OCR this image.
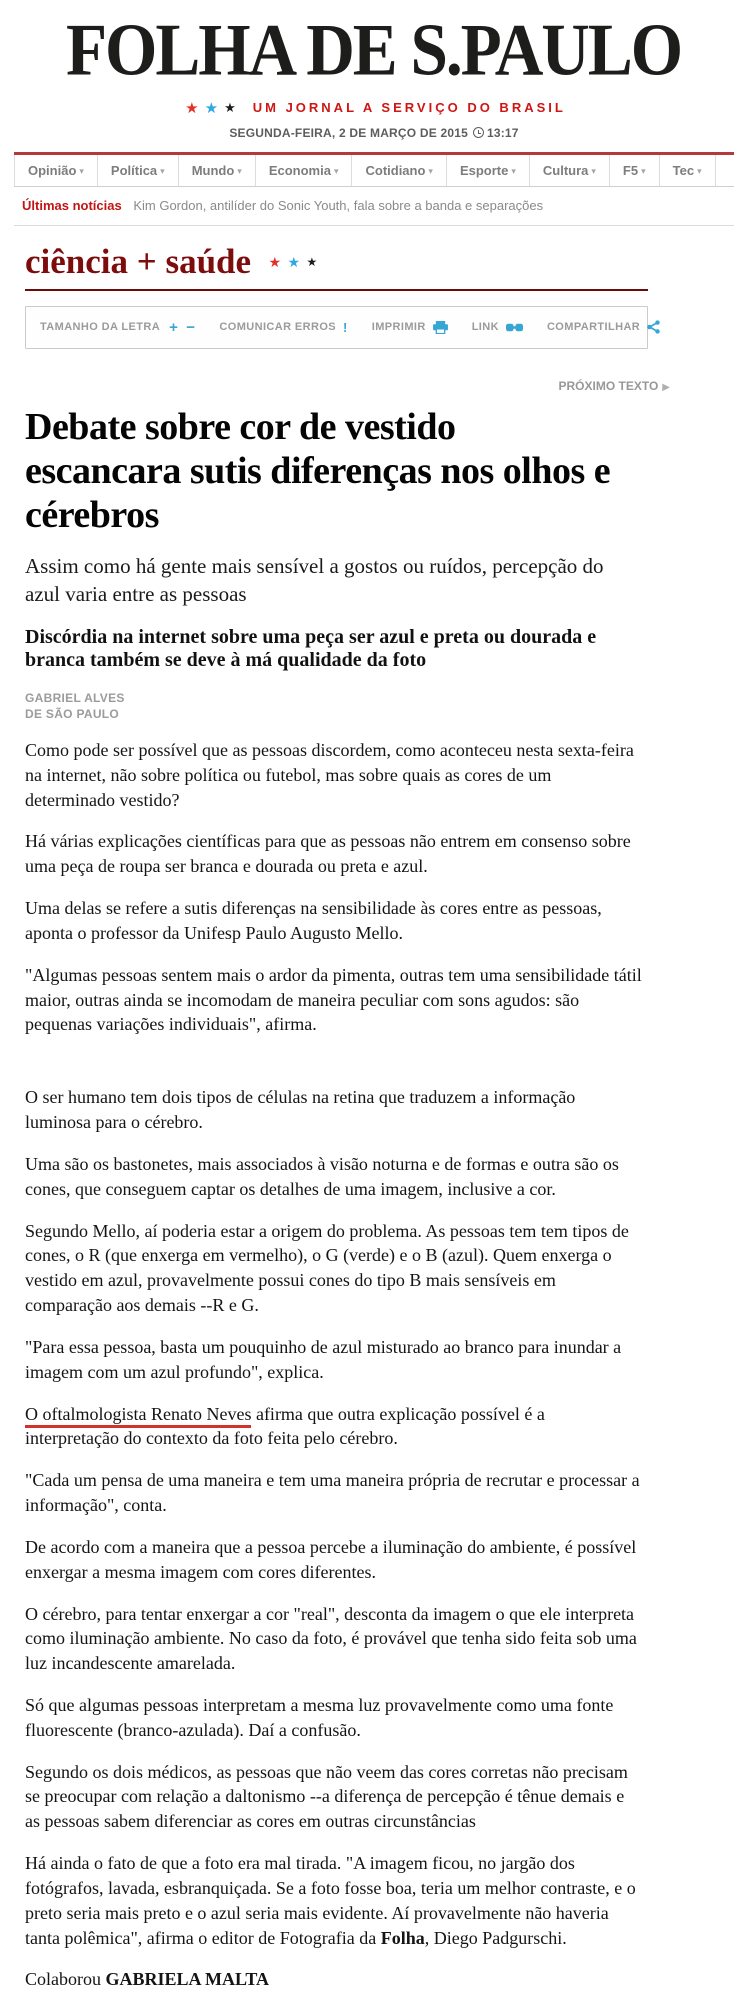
FOLHA DE S.PAULO
★ ★ ★ UM JORNAL A SERVIÇO DO BRASIL
SEGUNDA-FEIRA, 2 DE MARÇO DE 2015 13:17
Opinião ▾	Política ▾	Mundo ▾	Economia ▾	Cotidiano ▾	Esporte ▾	Cultura ▾	F5 ▾	Tec ▾
Últimas notícias Kim Gordon, antilíder do Sonic Youth, fala sobre a banda e separações
ciência + saúde ★ ★ ★
TAMANHO DA LETRA + − COMUNICAR ERROS ! IMPRIMIR	LINK	COMPARTILHAR
PRÓXIMO TEXTO ▶
Debate sobre cor de vestido escancara sutis diferenças nos olhos e cérebros
Assim como há gente mais sensível a gostos ou ruídos, percepção do azul varia entre as pessoas
Discórdia na internet sobre uma peça ser azul e preta ou dourada e branca também se deve à má qualidade da foto
GABRIEL ALVES
DE SÃO PAULO

Como pode ser possível que as pessoas discordem, como aconteceu nesta sexta-feira na internet, não sobre política ou futebol, mas sobre quais as cores de um determinado vestido?

Há várias explicações científicas para que as pessoas não entrem em consenso sobre uma peça de roupa ser branca e dourada ou preta e azul.

Uma delas se refere a sutis diferenças na sensibilidade às cores entre as pessoas, aponta o professor da Unifesp Paulo Augusto Mello.

"Algumas pessoas sentem mais o ardor da pimenta, outras tem uma sensibilidade tátil maior, outras ainda se incomodam de maneira peculiar com sons agudos: são pequenas variações individuais", afirma.

O ser humano tem dois tipos de células na retina que traduzem a informação luminosa para o cérebro.

Uma são os bastonetes, mais associados à visão noturna e de formas e outra são os cones, que conseguem captar os detalhes de uma imagem, inclusive a cor.

Segundo Mello, aí poderia estar a origem do problema. As pessoas tem tem tipos de cones, o R (que enxerga em vermelho), o G (verde) e o B (azul). Quem enxerga o vestido em azul, provavelmente possui cones do tipo B mais sensíveis em comparação aos demais --R e G.

"Para essa pessoa, basta um pouquinho de azul misturado ao branco para inundar a imagem com um azul profundo", explica.

O oftalmologista Renato Neves afirma que outra explicação possível é a interpretação do contexto da foto feita pelo cérebro.

"Cada um pensa de uma maneira e tem uma maneira própria de recrutar e processar a informação", conta.

De acordo com a maneira que a pessoa percebe a iluminação do ambiente, é possível enxergar a mesma imagem com cores diferentes.

O cérebro, para tentar enxergar a cor "real", desconta da imagem o que ele interpreta como iluminação ambiente. No caso da foto, é provável que tenha sido feita sob uma luz incandescente amarelada.

Só que algumas pessoas interpretam a mesma luz provavelmente como uma fonte fluorescente (branco-azulada). Daí a confusão.

Segundo os dois médicos, as pessoas que não veem das cores corretas não precisam se preocupar com relação a daltonismo --a diferença de percepção é tênue demais e as pessoas sabem diferenciar as cores em outras circunstâncias

Há ainda o fato de que a foto era mal tirada. "A imagem ficou, no jargão dos fotógrafos, lavada, esbranquiçada. Se a foto fosse boa, teria um melhor contraste, e o preto seria mais preto e o azul seria mais evidente. Aí provavelmente não haveria tanta polêmica", afirma o editor de Fotografia da Folha, Diego Padgurschi.

Colaborou GABRIELA MALTA
